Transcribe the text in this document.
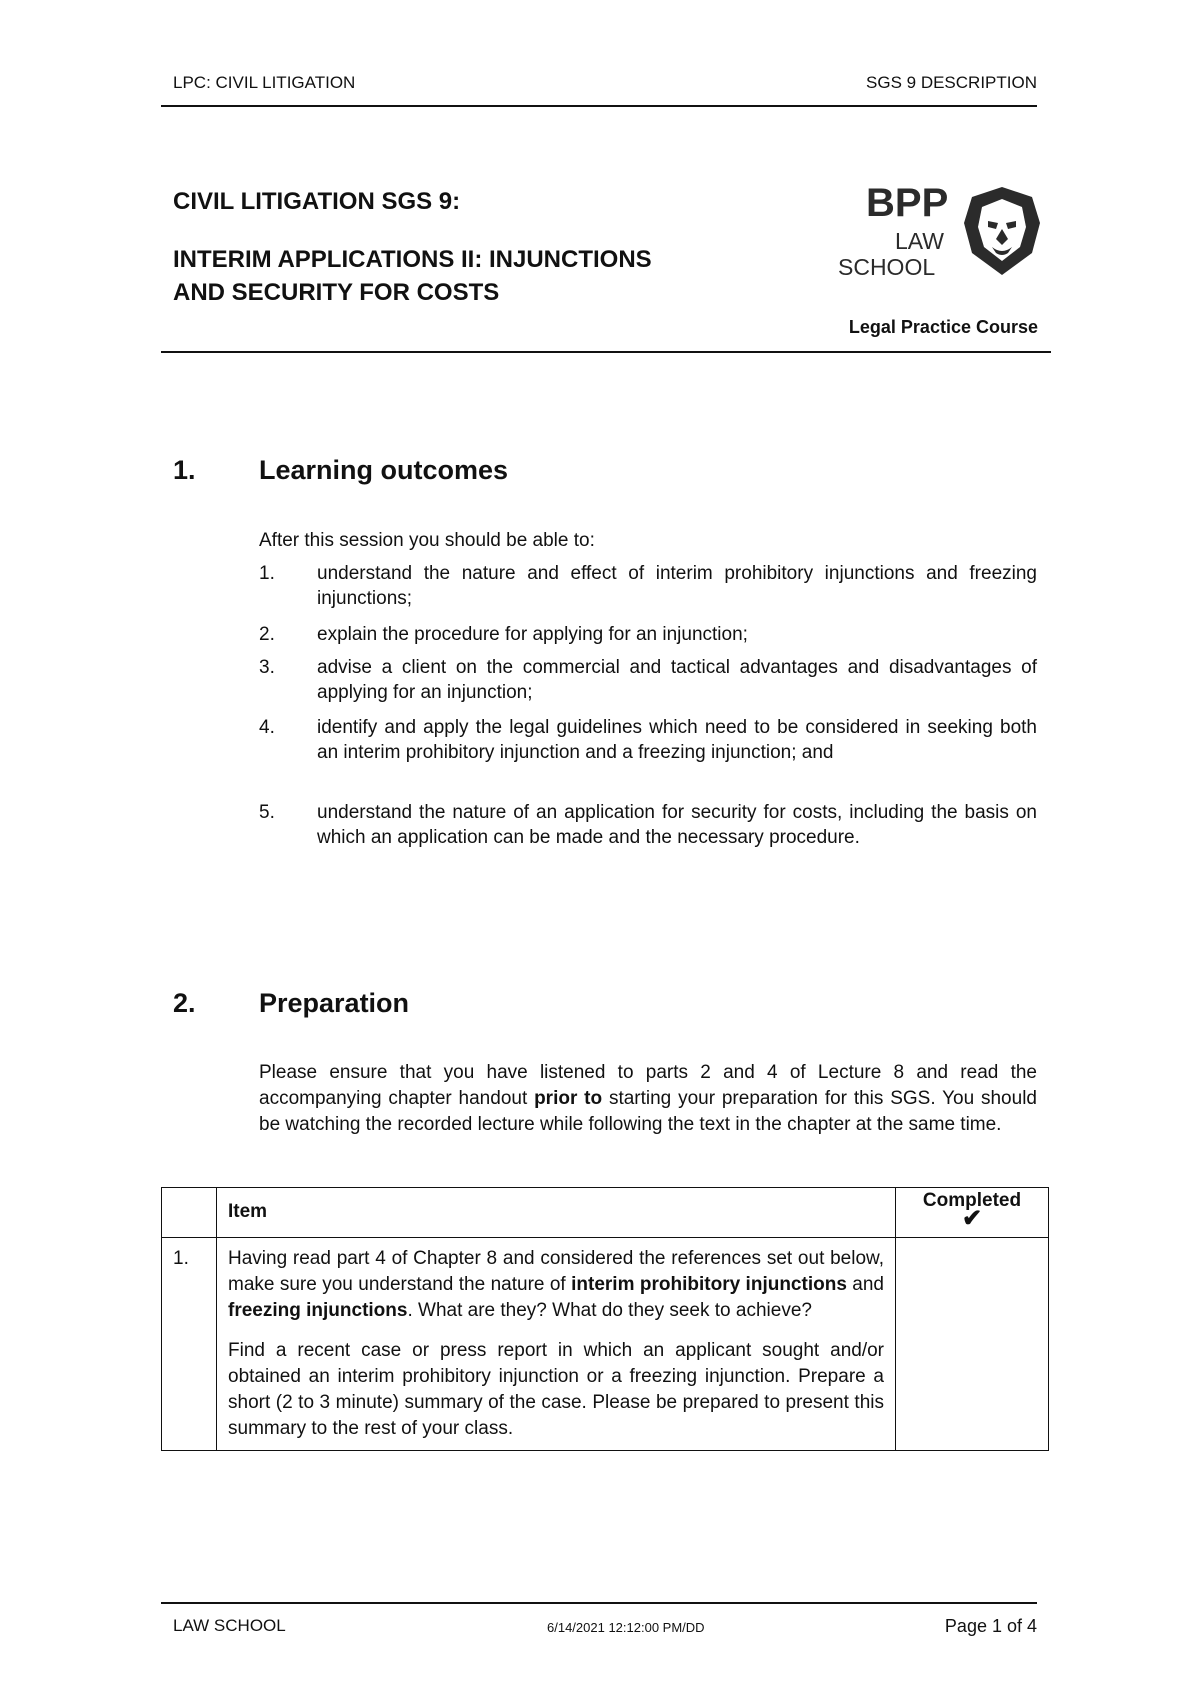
LPC: CIVIL LITIGATION	SGS 9 DESCRIPTION
CIVIL LITIGATION SGS 9:
INTERIM APPLICATIONS II: INJUNCTIONS
AND SECURITY FOR COSTS
BPP
LAW
SCHOOL
Legal Practice Course
1. Learning outcomes
After this session you should be able to:
1. understand the nature and effect of interim prohibitory injunctions and freezing injunctions;
2. explain the procedure for applying for an injunction;
3. advise a client on the commercial and tactical advantages and disadvantages of applying for an injunction;
4. identify and apply the legal guidelines which need to be considered in seeking both an interim prohibitory injunction and a freezing injunction; and
5. understand the nature of an application for security for costs, including the basis on which an application can be made and the necessary procedure.
2. Preparation
Please ensure that you have listened to parts 2 and 4 of Lecture 8 and read the accompanying chapter handout prior to starting your preparation for this SGS. You should be watching the recorded lecture while following the text in the chapter at the same time.
	Item	Completed
✔

1.	Having read part 4 of Chapter 8 and considered the references set out below, make sure you understand the nature of interim prohibitory injunctions and freezing injunctions. What are they? What do they seek to achieve?
Find a recent case or press report in which an applicant sought and/or obtained an interim prohibitory injunction or a freezing injunction. Prepare a short (2 to 3 minute) summary of the case. Please be prepared to present this summary to the rest of your class.	

LAW SCHOOL	6/14/2021 12:12:00 PM/DD	Page 1 of 4
